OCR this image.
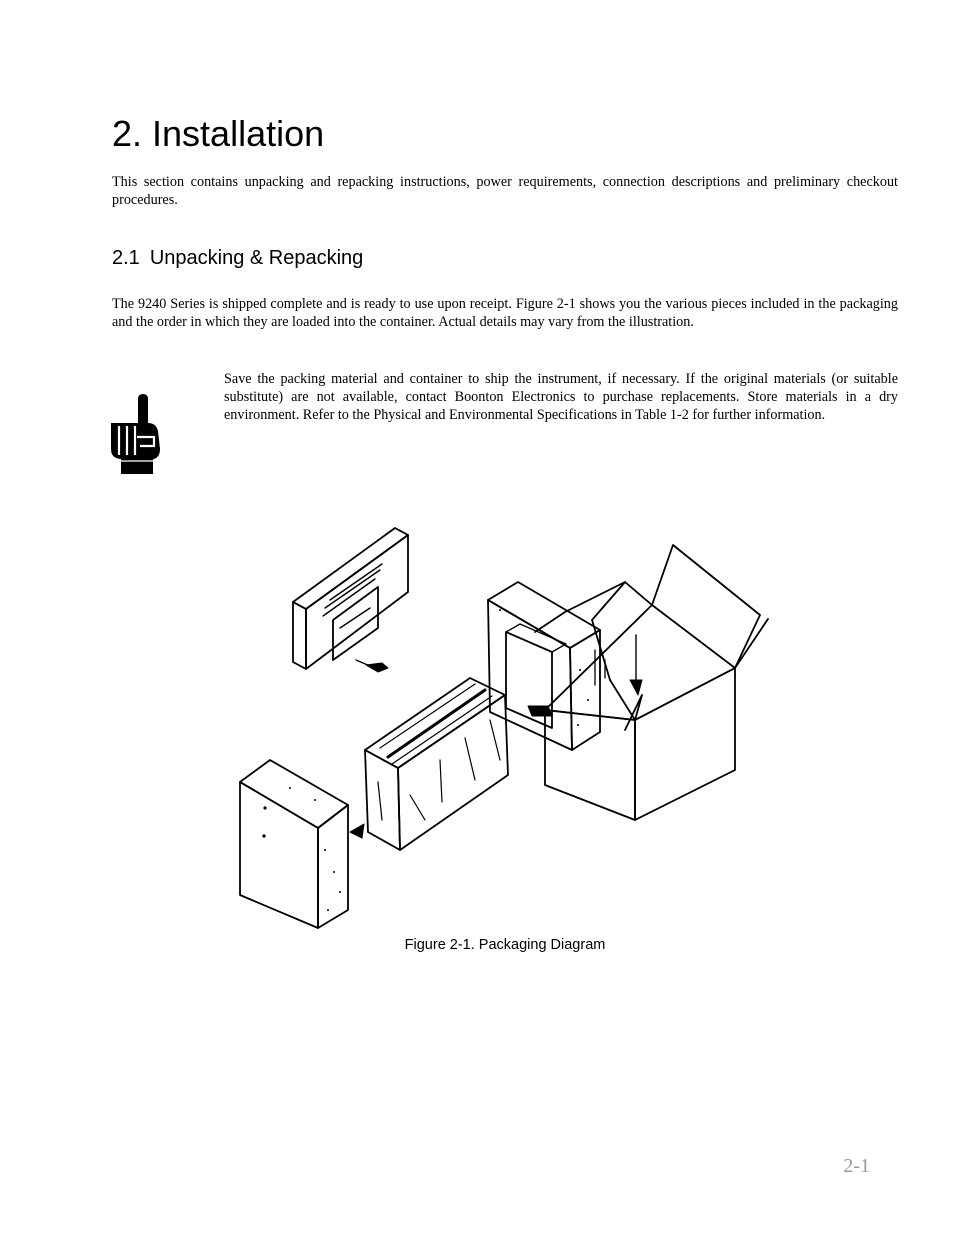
2. Installation

This section contains unpacking and repacking instructions, power requirements, connection descriptions and preliminary checkout procedures.

2.1 Unpacking & Repacking

The 9240 Series is shipped complete and is ready to use upon receipt. Figure 2-1 shows you the various pieces included in the packaging and the order in which they are loaded into the container. Actual details may vary from the illustration.

Save the packing material and container to ship the instrument, if necessary. If the original materials (or suitable substitute) are not available, contact Boonton Electronics to purchase replacements. Store materials in a dry environment. Refer to the Physical and Environmental Specifications in Table 1-2 for further information.

Figure 2-1. Packaging Diagram

2-1
